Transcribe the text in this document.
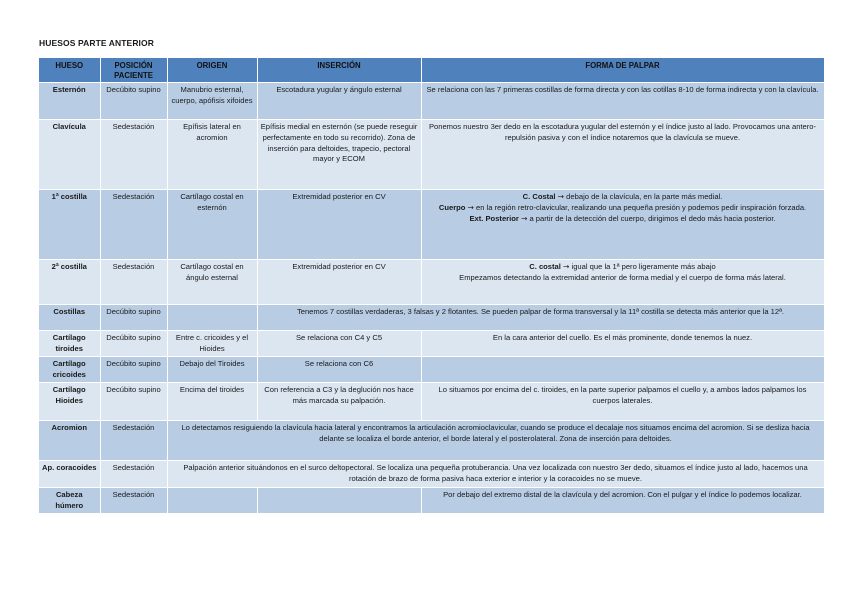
HUESOS PARTE ANTERIOR
HUESO	POSICIÓN PACIENTE	ORIGEN	INSERCIÓN	FORMA DE PALPAR
Esternón	Decúbito supino	Manubrio esternal, cuerpo, apófisis xifoides	Escotadura yugular y ángulo esternal	Se relaciona con las 7 primeras costillas de forma directa y con las cotillas 8-10 de forma indirecta y con la clavícula.
Clavícula	Sedestación	Epífisis lateral en acromion	Epífisis medial en esternón (se puede reseguir perfectamente en todo su recorrido). Zona de inserción para deltoides, trapecio, pectoral mayor y ECOM	Ponemos nuestro 3er dedo en la escotadura yugular del esternón y el índice justo al lado. Provocamos una antero-repulsión pasiva y con el índice notaremos que la clavícula se mueve.
1ª costilla	Sedestación	Cartílago costal en esternón	Extremidad posterior en CV	C. Costal → debajo de la clavícula, en la parte más medial.
Cuerpo → en la región retro-clavicular, realizando una pequeña presión y podemos pedir inspiración forzada.
Ext. Posterior → a partir de la detección del cuerpo, dirigimos el dedo más hacia posterior.

2ª costilla	Sedestación	Cartílago costal en ángulo esternal	Extremidad posterior en CV	C. costal → igual que la 1ª pero ligeramente más abajo
Empezamos detectando la extremidad anterior de forma medial y el cuerpo de forma más lateral.

Costillas	Decúbito supino		Tenemos 7 costillas verdaderas, 3 falsas y 2 flotantes. Se pueden palpar de forma transversal y la 11ª costilla se detecta más anterior que la 12ª.	
Cartílago tiroides	Decúbito supino	Entre c. cricoides y el Hioides	Se relaciona con C4 y C5	En la cara anterior del cuello. Es el más prominente, donde tenemos la nuez.
Cartílago cricoides	Decúbito supino	Debajo del Tiroides	Se relaciona con C6	
Cartílago Hioides	Decúbito supino	Encima del tiroides	Con referencia a C3 y la deglución nos hace más marcada su palpación.	Lo situamos por encima del c. tiroides, en la parte superior palpamos el cuello y, a ambos lados palpamos los cuerpos laterales.
Acromion	Sedestación	Lo detectamos resiguiendo la clavícula hacia lateral y encontramos la articulación acromioclavicular, cuando se produce el decalaje nos situamos encima del acromion. Si se desliza hacia delante se localiza el borde anterior, el borde lateral y el posterolateral. Zona de inserción para deltoides.		
Ap. coracoides	Sedestación	Palpación anterior situándonos en el surco deltopectoral. Se localiza una pequeña protuberancia. Una vez localizada con nuestro 3er dedo, situamos el índice justo al lado, hacemos una rotación de brazo de forma pasiva haca exterior e interior y la coracoides no se mueve.		
Cabeza húmero	Sedestación			Por debajo del extremo distal de la clavícula y del acromion. Con el pulgar y el índice lo podemos localizar.
